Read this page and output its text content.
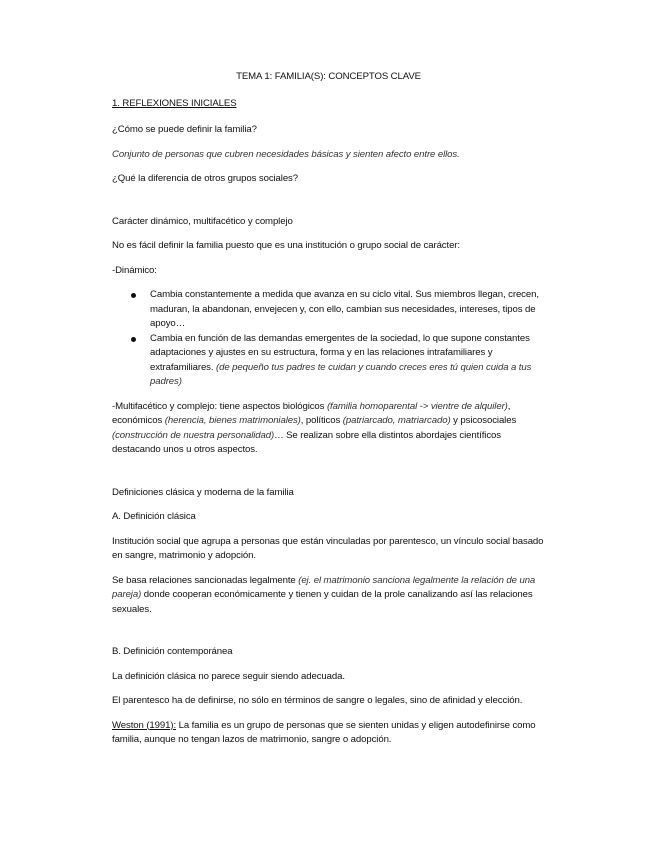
TEMA 1: FAMILIA(S): CONCEPTOS CLAVE
1. REFLEXIONES INICIALES

¿Cómo se puede definir la familia?

Conjunto de personas que cubren necesidades básicas y sienten afecto entre ellos.

¿Qué la diferencia de otros grupos sociales?

Carácter dinámico, multifacético y complejo

No es fácil definir la familia puesto que es una institución o grupo social de carácter:

-Dinámico:

Cambia constantemente a medida que avanza en su ciclo vital. Sus miembros llegan, crecen, maduran, la abandonan, envejecen y, con ello, cambian sus necesidades, intereses, tipos de apoyo…
Cambia en función de las demandas emergentes de la sociedad, lo que supone constantes adaptaciones y ajustes en su estructura, forma y en las relaciones intrafamiliares y extrafamiliares. (de pequeño tus padres te cuidan y cuando creces eres tú quien cuida a tus padres)

-Multifacético y complejo: tiene aspectos biológicos (familia homoparental -> vientre de alquiler), económicos (herencia, bienes matrimoniales), políticos (patriarcado, matriarcado) y psicosociales (construcción de nuestra personalidad)… Se realizan sobre ella distintos abordajes científicos destacando unos u otros aspectos.

Definiciones clásica y moderna de la familia

A. Definición clásica

Institución social que agrupa a personas que están vinculadas por parentesco, un vínculo social basado en sangre, matrimonio y adopción.

Se basa relaciones sancionadas legalmente (ej. el matrimonio sanciona legalmente la relación de una pareja) donde cooperan económicamente y tienen y cuidan de la prole canalizando así las relaciones sexuales.

B. Definición contemporánea

La definición clásica no parece seguir siendo adecuada.

El parentesco ha de definirse, no sólo en términos de sangre o legales, sino de afinidad y elección.

Weston (1991): La familia es un grupo de personas que se sienten unidas y eligen autodefinirse como familia, aunque no tengan lazos de matrimonio, sangre o adopción.
